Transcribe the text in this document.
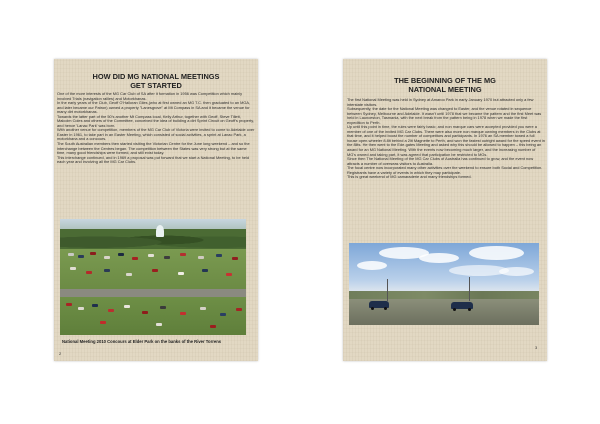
HOW DID MG NATIONAL MEETINGS
GET STARTED
One of the more interests of the MG Car Club of SA after it formation in 1956 was Competition which mainly involved Trials (navigation rallies) and Motorkhanas.
In the early years of the Club, Geoff O'Halloran Giles,(who at first owned an MG T.C. then graduated to an MGA, and later became our Patron) owned a property "Lanesgrove" at Mt Compass in SA and it became the venue for many dirt motorkhanas.
Towards the latter part of the 50's another Mt Compass local, Kelly Arthur, together with Geoff, Steve Tillett, Malcolm Coles and others of the Committee, conceived the idea of building a dirt Sprint Circuit on Geoff's property, and hence 'Lanac Park' was born.
With another venue for competition, members of the MG Car Club of Victoria were invited to come to Adelaide over Easter in 1961, to take part in an Easter Meeting, which consisted of social activities, a sprint at Lanac Park, a motorkhana and a concours.
The South Australian members then started visiting the Victorian Centre for the June long weekend – and so the interchange between the Centres began. The competition between the States was very strong but at the same time, many good friendships were formed, and still exist today.
This interchange continued, and in 1969 a proposal was put forward that we start a National Meeting, to be held each year and involving all the MG Car Clubs.
National Meeting 2010 Concours at Elder Park on the banks of the River Torrens
2
THE BEGINNING OF THE MG
NATIONAL MEETING
The first National Meeting was held in Sydney at Amaroo Park in early January 1970 but attracted only a few interstate visitors.
Subsequently, the date for the National Meeting was changed to Easter, and the venue rotated in sequence between Sydney, Melbourne and Adelaide. It wasn't until 1978 that we became the pattern and the first Meet was held in Launceston, Tasmania, with the next break from the pattern being in 1978 when we made the first expedition to Perth.
Up until this point in time, the rules were fairly basic; and non marque cars were accepted provided you were a member of one of the invited MG Car Clubs. There were also more non marque owning members in the Clubs at that time, and it helped boost the number of competitors and participants. In 1976 an SA member towed a full house open-wheeler 8.8lt behind a 2lit Magnette to Perth, and won the fastest outright award for the speed event in the 8lits. He then went to the Ede-gates Meeting and asked why this should be allowed to happen – this being an award for an MG National Meeting. With the events now becoming much larger, and the increasing number of MG's owned and taking part, it was agreed that participation be restricted to MGs.
Since then The National Meeting of the MG Car Clubs of Australia has continued to grow, and the event now attracts a number of overseas visitors to Australia.
The focal centre now incorporated many other activities over the weekend to ensure both Social and Competition. Registrants have a variety of events in which they may participate.
This is great weekend of MG camaraderie and many friendships formed.
3
